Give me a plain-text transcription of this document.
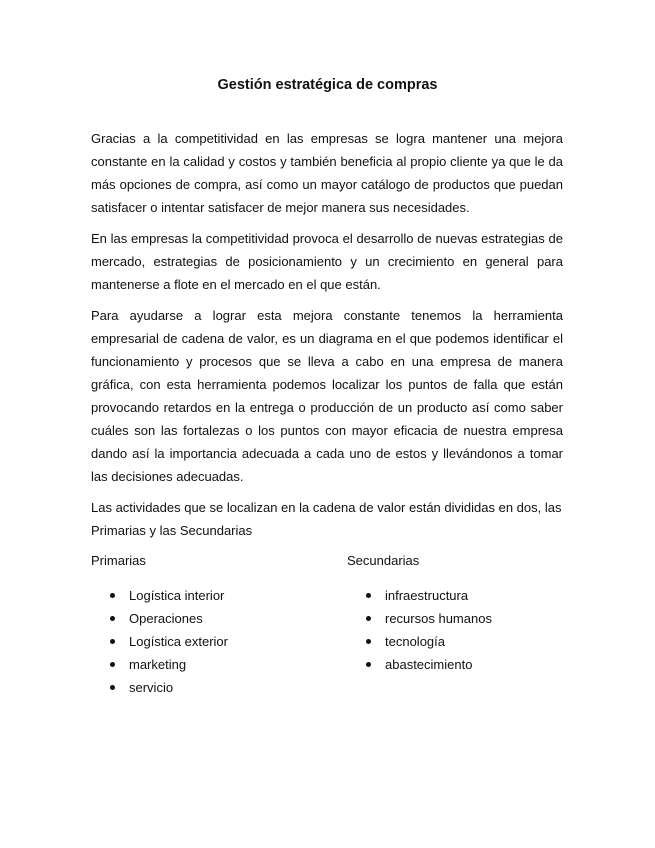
Gestión estratégica de compras

Gracias a la competitividad en las empresas se logra mantener una mejora constante en la calidad y costos y también beneficia al propio cliente ya que le da más opciones de compra, así como un mayor catálogo de productos que puedan satisfacer o intentar satisfacer de mejor manera sus necesidades.

En las empresas la competitividad provoca el desarrollo de nuevas estrategias de mercado, estrategias de posicionamiento y un crecimiento en general para mantenerse a flote en el mercado en el que están.

Para ayudarse a lograr esta mejora constante tenemos la herramienta empresarial de cadena de valor, es un diagrama en el que podemos identificar el funcionamiento y procesos que se lleva a cabo en una empresa de manera gráfica, con esta herramienta podemos localizar los puntos de falla que están provocando retardos en la entrega o producción de un producto así como saber cuáles son las fortalezas o los puntos con mayor eficacia de nuestra empresa dando así la importancia adecuada a cada uno de estos y llevándonos a tomar las decisiones adecuadas.

Las actividades que se localizan en la cadena de valor están divididas en dos, las Primarias y las Secundarias

Primarias
Logística interior
Operaciones
Logística exterior
marketing
servicio
Secundarias
infraestructura
recursos humanos
tecnología
abastecimiento
